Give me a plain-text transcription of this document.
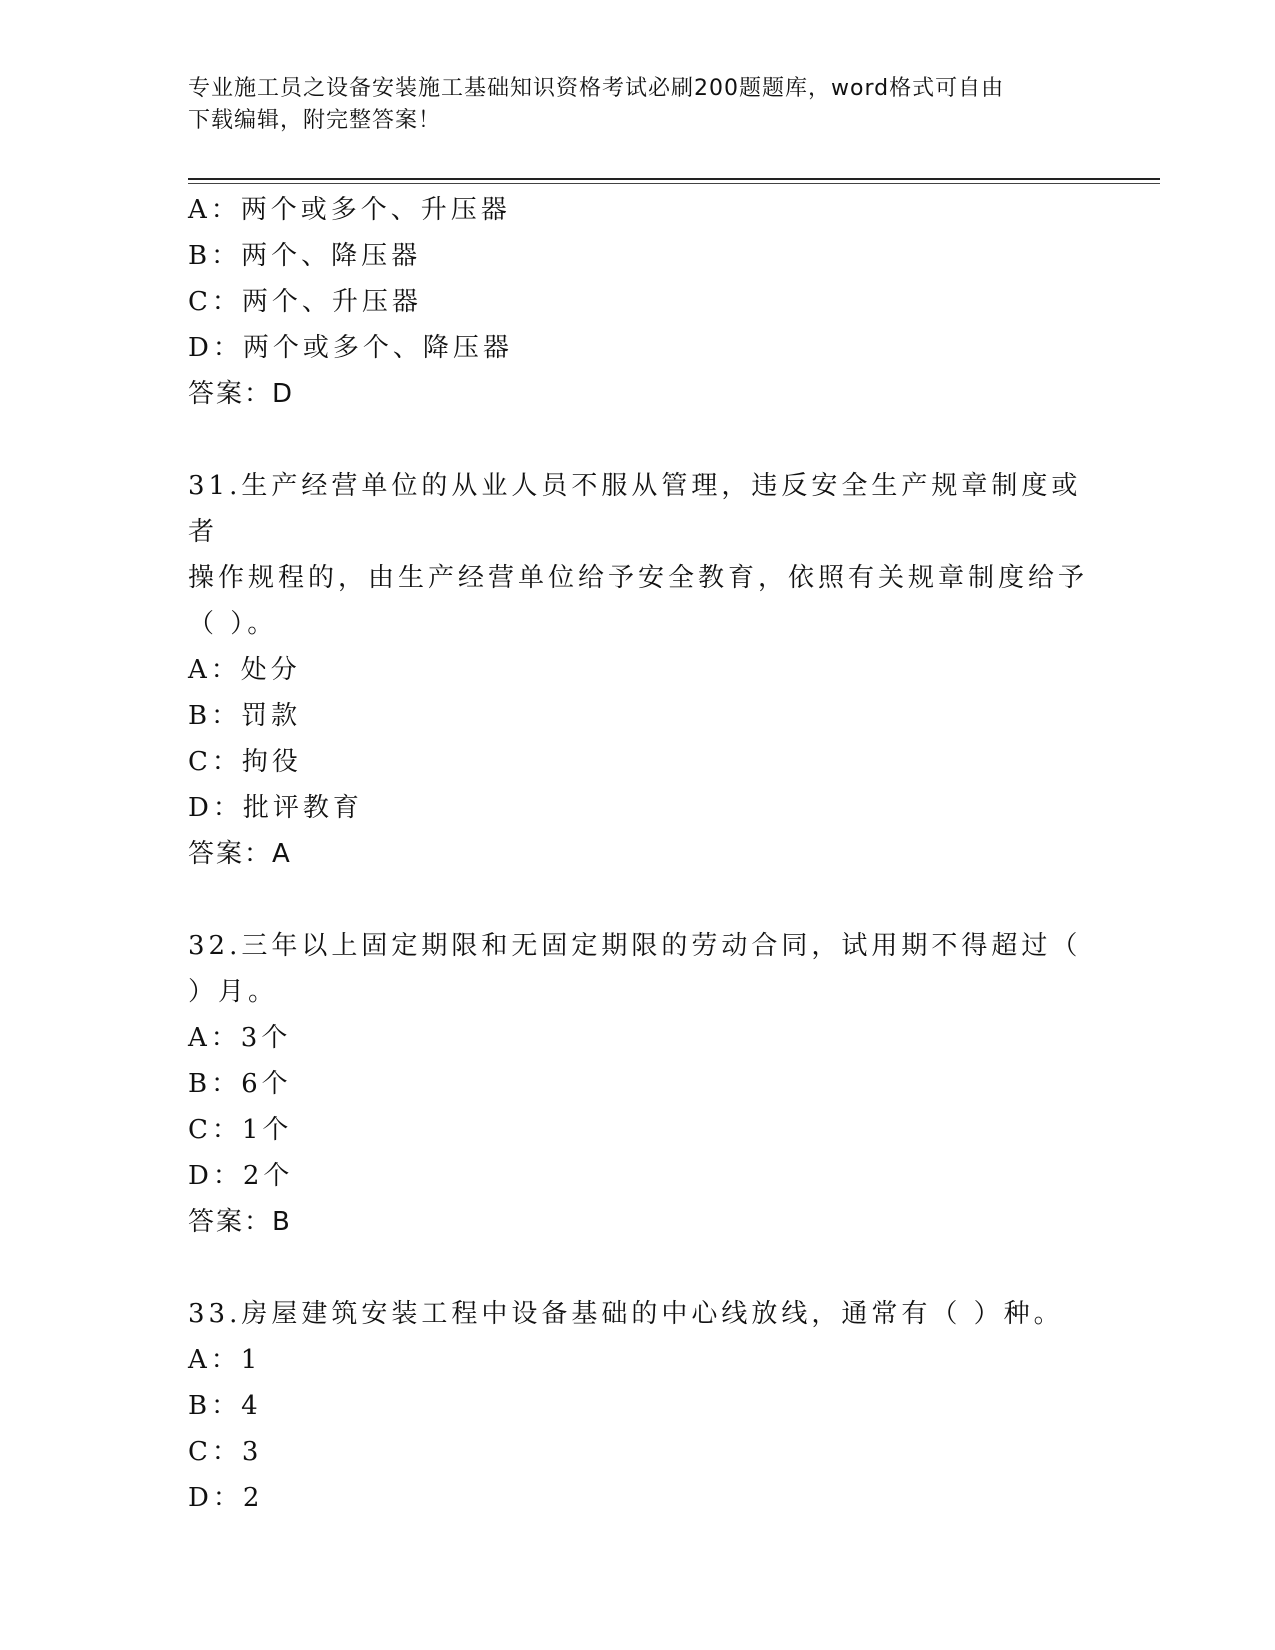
专业施工员之设备安装施工基础知识资格考试必刷200题题库，word格式可自由
下载编辑，附完整答案！
A：两个或多个、升压器
B：两个、降压器
C：两个、升压器
D：两个或多个、降压器
答案：D
31.生产经营单位的从业人员不服从管理，违反安全生产规章制度或者
操作规程的，由生产经营单位给予安全教育，依照有关规章制度给予
（ ）。
A：处分
B：罚款
C：拘役
D：批评教育
答案：A
32.三年以上固定期限和无固定期限的劳动合同，试用期不得超过（
）月。
A：3个
B：6个
C：1个
D：2个
答案：B
33.房屋建筑安装工程中设备基础的中心线放线，通常有（ ）种。
A：1
B：4
C：3
D：2
